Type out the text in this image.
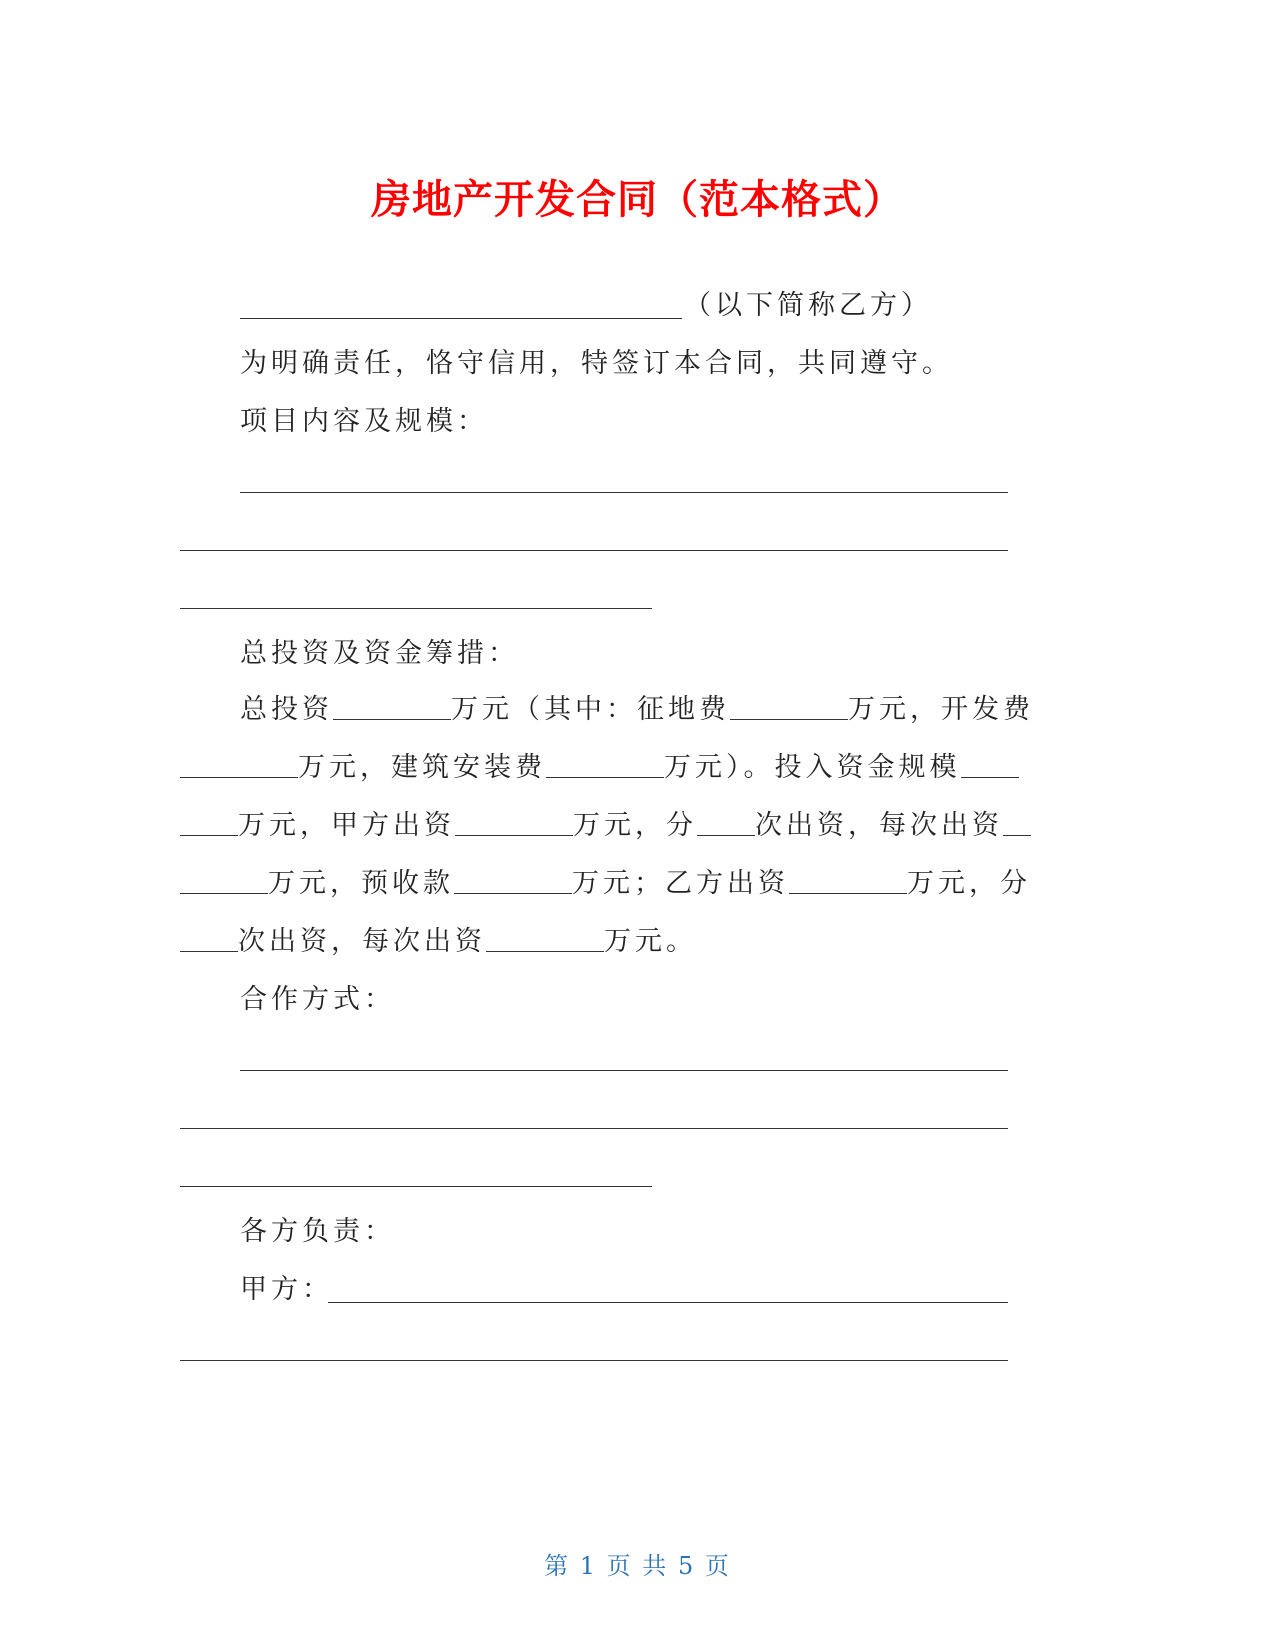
房地产开发合同（范本格式）
（以下简称乙方）
为明确责任，恪守信用，特签订本合同，共同遵守。
项目内容及规模：
总投资及资金筹措：
总投资	万元（其中：征地费	万元，开发费
万元，建筑安装费	万元）。投入资金规模
万元，甲方出资	万元，分 次出资，每次出资
万元，预收款	万元；乙方出资	万元，分
次出资，每次出资	万元。
合作方式：
各方负责：
甲方：
第 1 页 共 5 页
